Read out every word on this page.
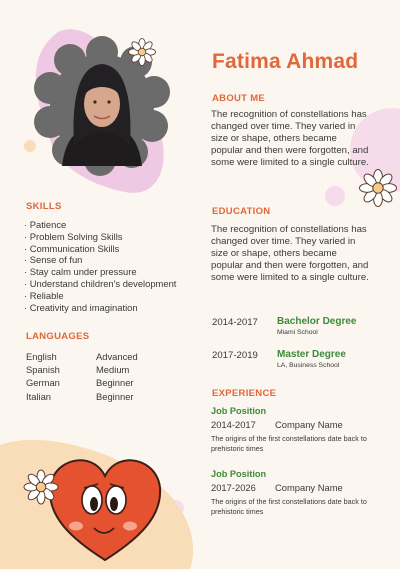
Fatima Ahmad
ABOUT ME
The recognition of constellations has changed over time. They varied in size or shape, others became popular and then were forgotten, and some were limited to a single culture.
SKILLS
· Patience
· Problem Solving Skills
· Communication Skills
· Sense of fun
· Stay calm under pressure
· Understand children's development
· Reliable
· Creativity and imagination
LANGUAGES
English	Advanced
Spanish	Medium
German	Beginner
Italian	Beginner
EDUCATION
The recognition of constellations has changed over time. They varied in size or shape, others became popular and then were forgotten, and some were limited to a single culture.
2014-2017 Bachelor Degree
Miami School
2017-2019 Master Degree
LA, Business School
EXPERIENCE
Job Position
2014-2017	Company Name
The origins of the first constellations date back to prehistoric times
Job Position
2017-2026	Company Name
The origins of the first constellations date back to prehistoric times
